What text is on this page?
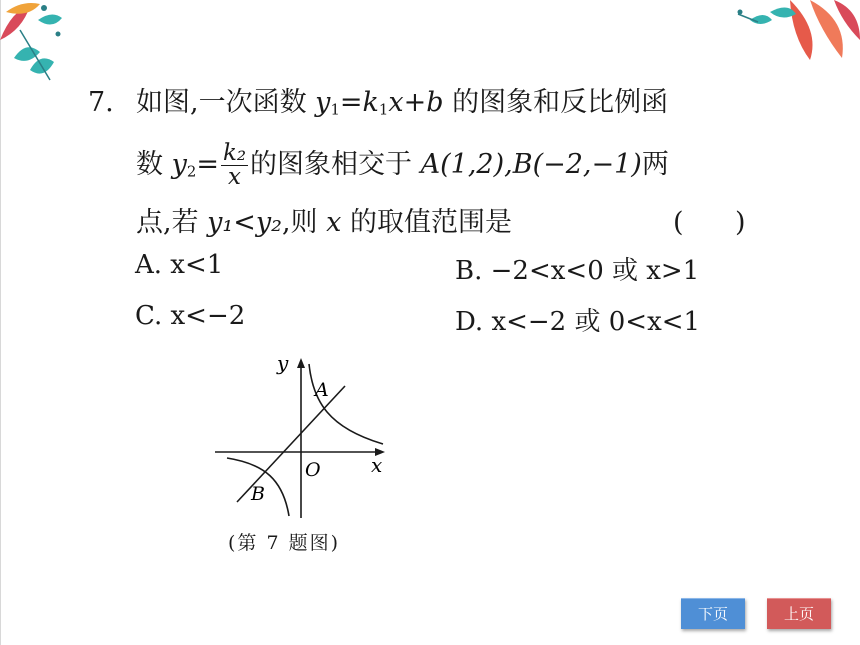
7. 如图,一次函数 $y_1=k_1x+b$ 的图象和反比例函
数 $y_2= \frac{\text{k₂}}{x}$ 的图象相交于 A(1,2),B(−2,−1)两
点,若 y₁<y₂,则 x 的取值范围是	(      )
A. x<1	B. −2<x<0 或 x>1
C. x<−2	D. x<−2 或 0<x<1
y
x
O
A
B
(第 7 题图)
下页	上页
